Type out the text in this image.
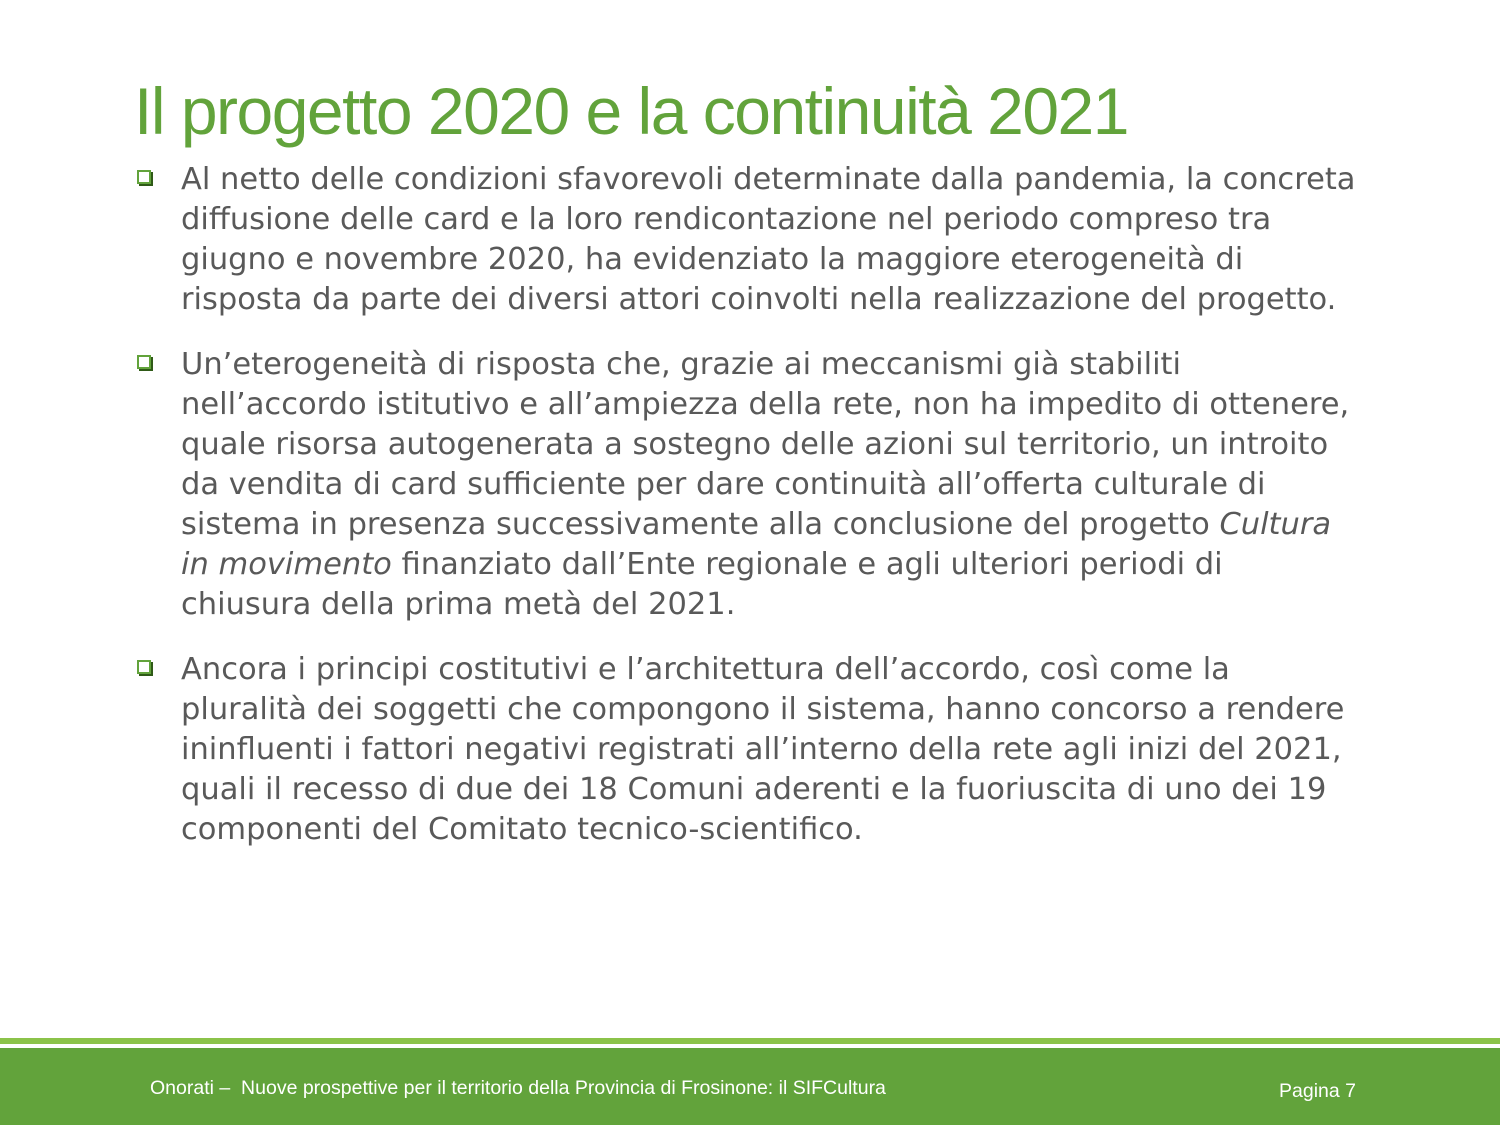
Il progetto 2020 e la continuità 2021

Al netto delle condizioni sfavorevoli determinate dalla pandemia, la concreta diffusione delle card e la loro rendicontazione nel periodo compreso tra giugno e novembre 2020, ha evidenziato la maggiore eterogeneità di risposta da parte dei diversi attori coinvolti nella realizzazione del progetto.

Un’eterogeneità di risposta che, grazie ai meccanismi già stabiliti nell’accordo istitutivo e all’ampiezza della rete, non ha impedito di ottenere, quale risorsa autogenerata a sostegno delle azioni sul territorio, un introito da vendita di card sufficiente per dare continuità all’offerta culturale di sistema in presenza successivamente alla conclusione del progetto Cultura in movimento finanziato dall’Ente regionale e agli ulteriori periodi di chiusura della prima metà del 2021.

Ancora i principi costitutivi e l’architettura dell’accordo, così come la pluralità dei soggetti che compongono il sistema, hanno concorso a rendere ininfluenti i fattori negativi registrati all’interno della rete agli inizi del 2021, quali il recesso di due dei 18 Comuni aderenti e la fuoriuscita di uno dei 19 componenti del Comitato tecnico-scientifico.

Onorati –  Nuove prospettive per il territorio della Provincia di Frosinone: il SIFCultura	Pagina 7
